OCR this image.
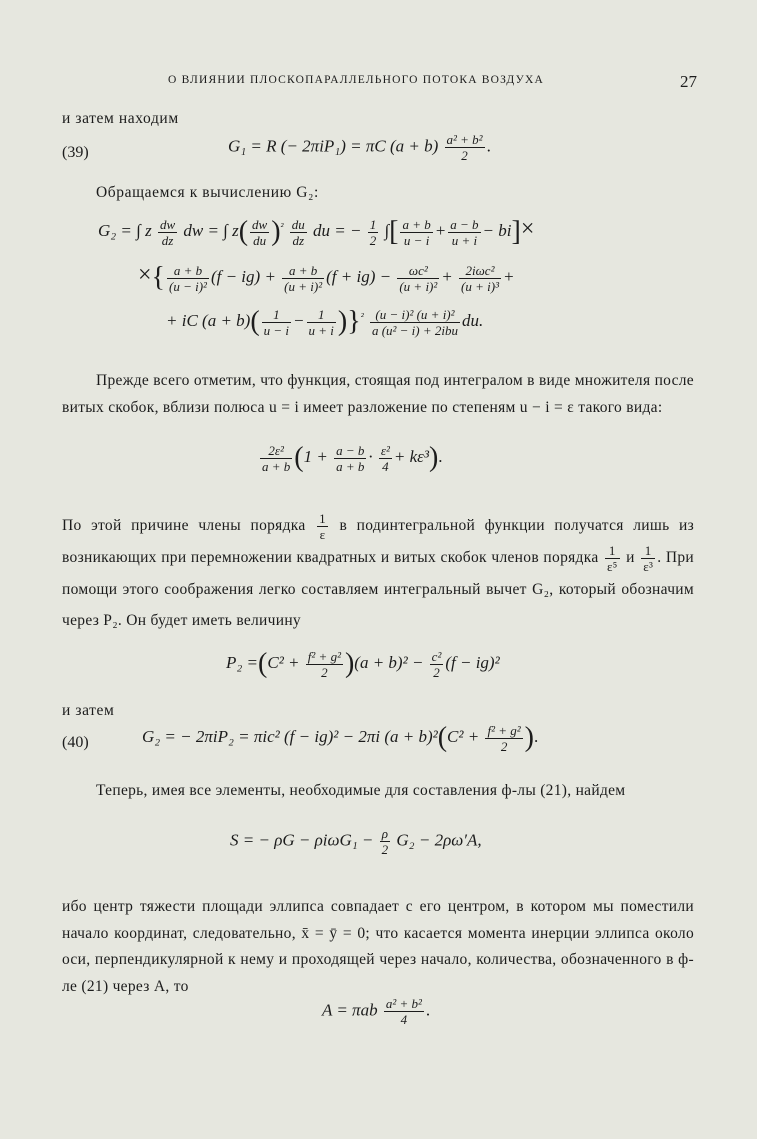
О ВЛИЯНИИ ПЛОСКОПАРАЛЛЕЛЬНОГО ПОТОКА ВОЗДУХА	27
и затем находим
(39)	G₁ = R (− 2πiP₁) = πC $(a + b) \frac{\text{a² + b²}}{2}$ .
Обращаемся к вычислению G₂:
G₂ = ∫ z $\frac{dw}{dz}$ dw = ∫ $z( \frac{dw}{du} )^{^2} \frac{du}{dz}$ du = − $\frac{1}{2}$ ∫[ $\frac{a + b}{u - i} + \frac{a - b}{u + i} - bi]\times$
×{ $\frac{a + b}{\text{(u − i)²}} (f - ig) + \frac{a + b}{\text{(u + i)²}} (f + ig) - \frac{\text{ωc²}}{\text{(u + i)²}} + \frac{\text{2iωc²}}{\text{(u + i)³}}$ +
+ iC $(a + b)( \frac{1}{u - i} - \frac{1}{u + i} )\}^{^2} \frac{\text{(u − i)² (u + i)²}}{\text{a (u² − i) + 2ibu}}$ du.
Прежде всего отметим, что функция, стоящая под интегралом в виде множителя после витых скобок, вблизи полюса u = i имеет разложение по степеням u − i = ε такого вида:
$\frac{\text{2ε²}}{a + b} (1 + \frac{a - b}{a + b} \cdot \frac{\text{ε²}}{4} + k\varepsilon^3)$.
По этой причине члены порядка $\frac{1}{\varepsilon}$ в подинтегральной функции получатся лишь из возникающих при перемножении квадратных и витых скобок членов порядка $\frac{1}{\text{ε⁵}}$ и $\frac{1}{\text{ε³}}$ . При помощи этого соображения легко составляем интегральный вычет G₂, который обозначим через P₂. Он будет иметь величину
$P_2 =(C^2 + \frac{\text{f² + g²}}{2} )(a + b)^2 - \frac{\text{c²}}{2} (f - ig)^2$
и затем
(40)	G₂ = − 2πiP₂ = πic² (f − ig)² − 2πi $(a + b)^2(C^2 + \frac{\text{f² + g²}}{2}$ ).
Теперь, имея все элементы, необходимые для составления ф-лы (21), найдем
S = − $\rho G - \rho i\omega G_1 - \frac{\rho}{2} G_2 - 2\rho\omega'A$,
ибо центр тяжести площади эллипса совпадает с его центром, в котором мы поместили начало координат, следовательно, x̄ = ȳ = 0; что касается момента инерции эллипса около оси, перпендикулярной к нему и проходящей через начало, количества, обозначенного в ф-ле (21) через A, то
A = πab $\frac{\text{a² + b²}}{4}$ .
